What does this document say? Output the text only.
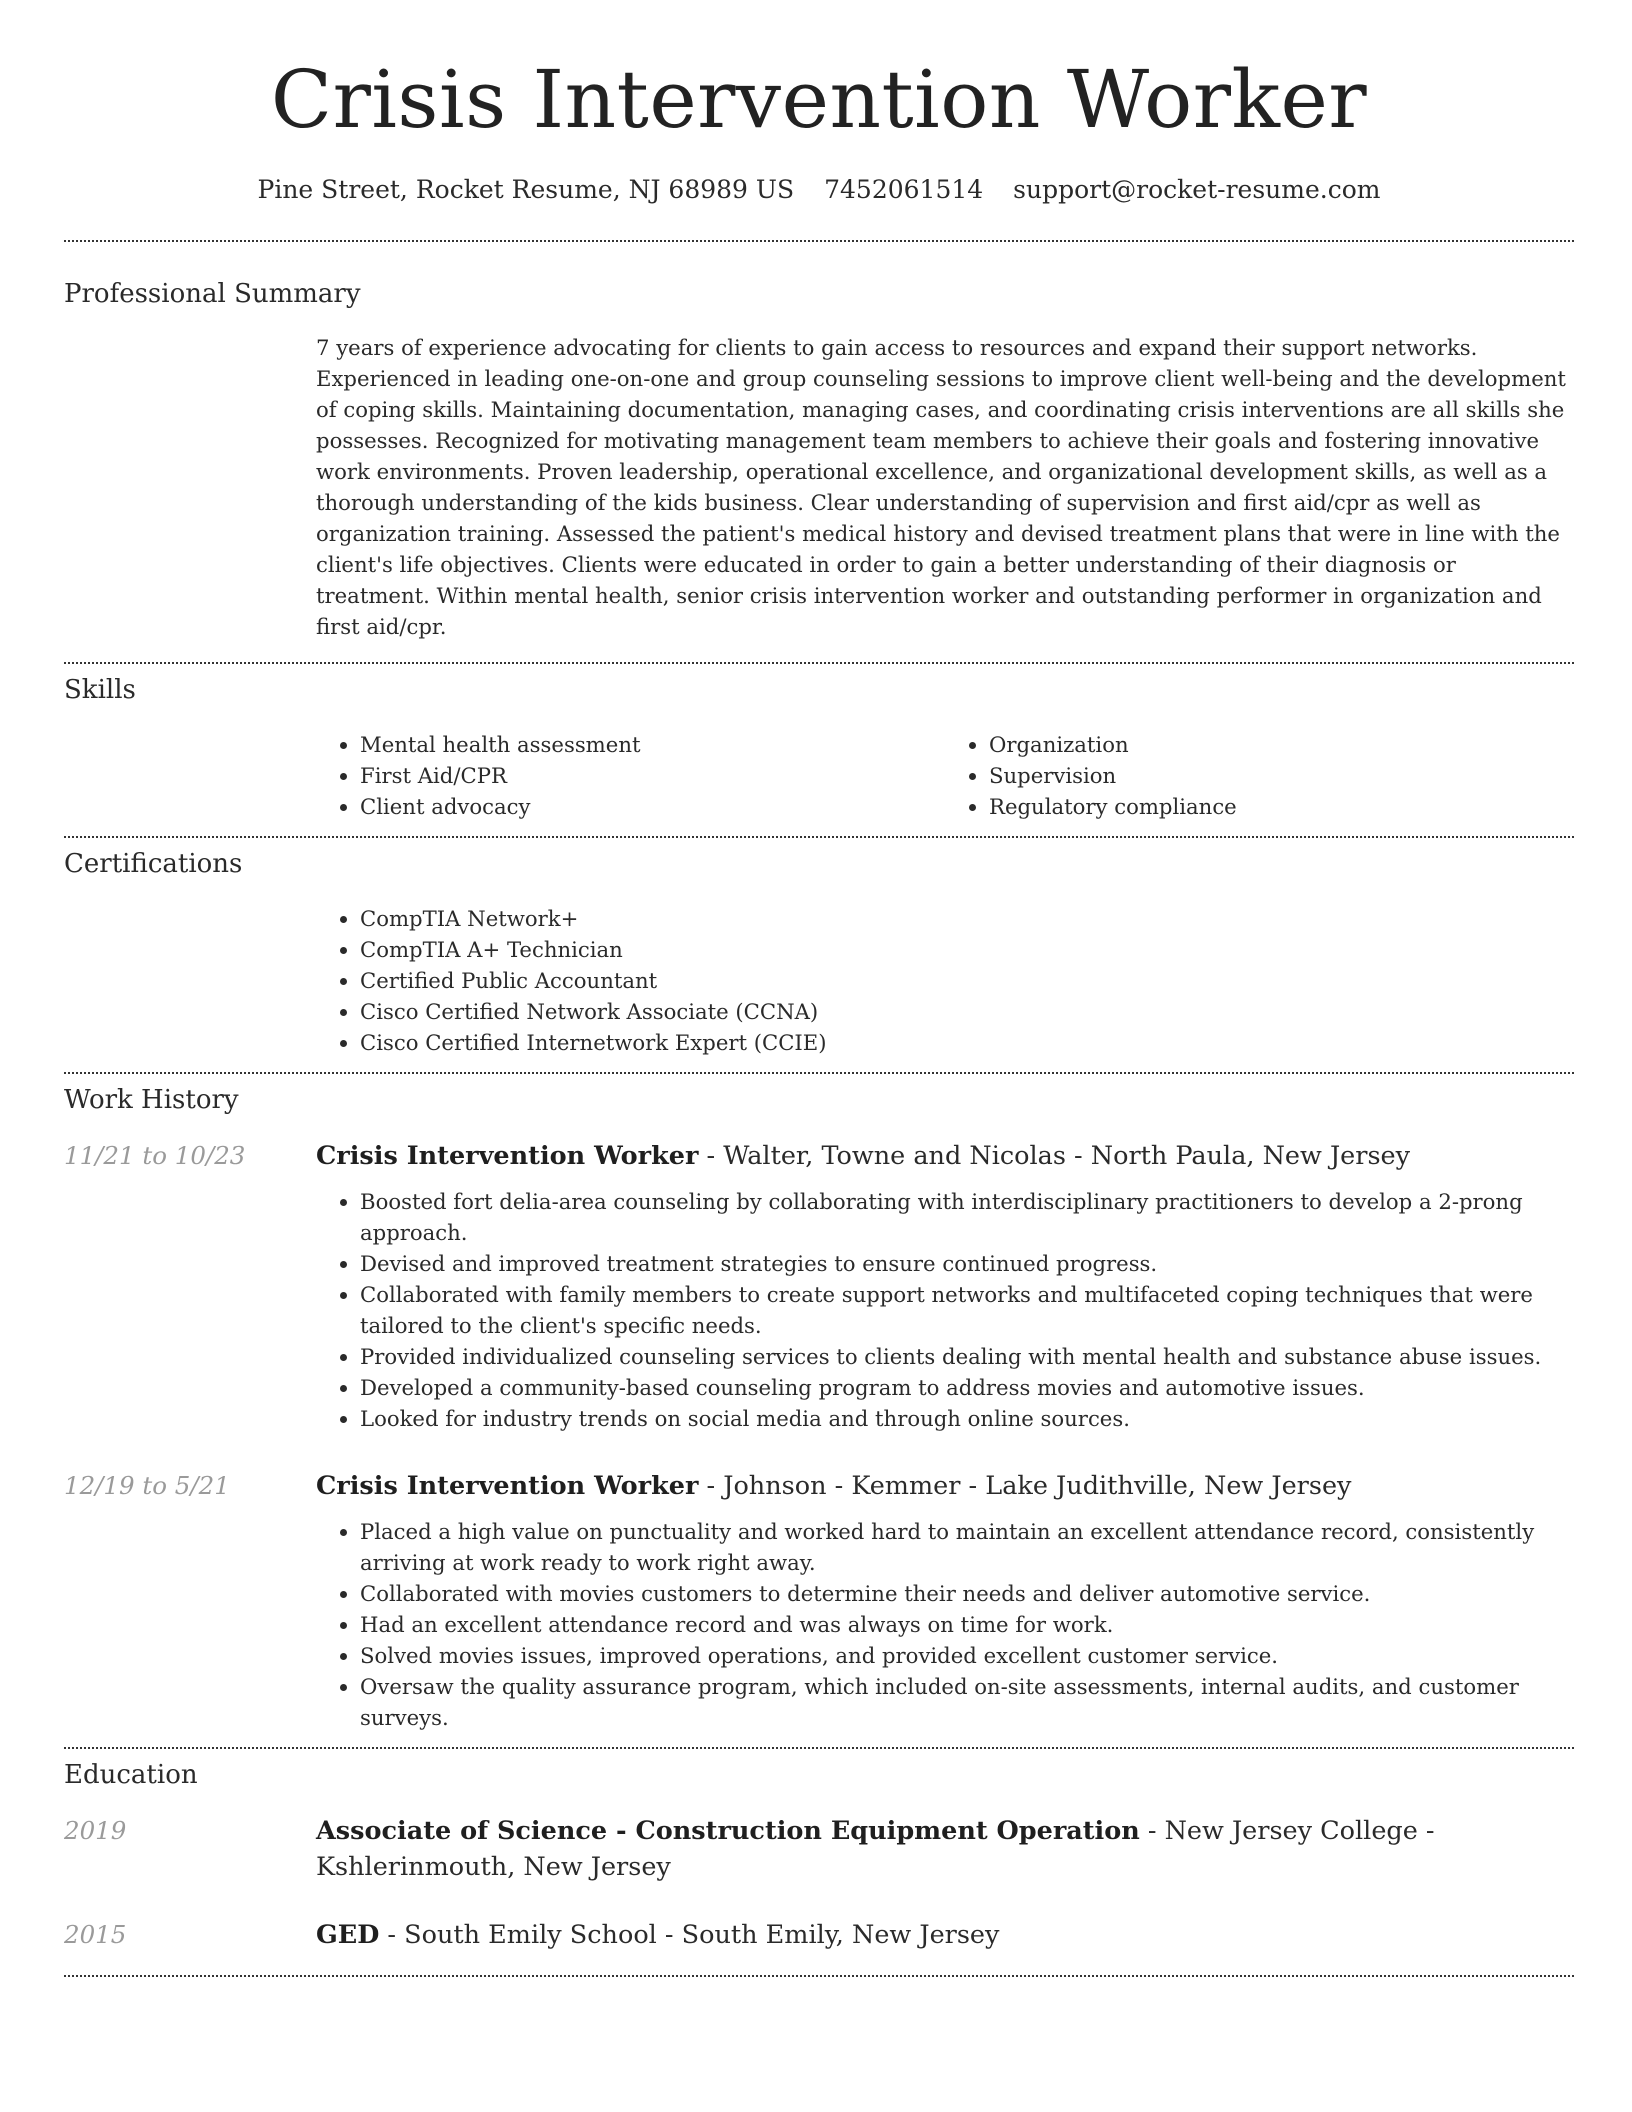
Crisis Intervention Worker
Pine Street, Rocket Resume, NJ 68989 US 7452061514 support@rocket-resume.com
Professional Summary

7 years of experience advocating for clients to gain access to resources and expand their support networks. Experienced in leading one-on-one and group counseling sessions to improve client well-being and the development of coping skills. Maintaining documentation, managing cases, and coordinating crisis interventions are all skills she possesses. Recognized for motivating management team members to achieve their goals and fostering innovative work environments. Proven leadership, operational excellence, and organizational development skills, as well as a thorough understanding of the kids business. Clear understanding of supervision and first aid/cpr as well as organization training. Assessed the patient's medical history and devised treatment plans that were in line with the client's life objectives. Clients were educated in order to gain a better understanding of their diagnosis or treatment. Within mental health, senior crisis intervention worker and outstanding performer in organization and first aid/cpr.

Skills
• Mental health assessment
• First Aid/CPR
• Client advocacy
• Organization
• Supervision
• Regulatory compliance
Certifications
• CompTIA Network+
• CompTIA A+ Technician
• Certified Public Accountant
• Cisco Certified Network Associate (CCNA)
• Cisco Certified Internetwork Expert (CCIE)
Work History
11/21 to 10/23	Crisis Intervention Worker - Walter, Towne and Nicolas - North Paula, New Jersey
• Boosted fort delia-area counseling by collaborating with interdisciplinary practitioners to develop a 2-prong approach.
• Devised and improved treatment strategies to ensure continued progress.
• Collaborated with family members to create support networks and multifaceted coping techniques that were tailored to the client's specific needs.
• Provided individualized counseling services to clients dealing with mental health and substance abuse issues.
• Developed a community-based counseling program to address movies and automotive issues.
• Looked for industry trends on social media and through online sources.
12/19 to 5/21	Crisis Intervention Worker - Johnson - Kemmer - Lake Judithville, New Jersey
• Placed a high value on punctuality and worked hard to maintain an excellent attendance record, consistently arriving at work ready to work right away.
• Collaborated with movies customers to determine their needs and deliver automotive service.
• Had an excellent attendance record and was always on time for work.
• Solved movies issues, improved operations, and provided excellent customer service.
• Oversaw the quality assurance program, which included on-site assessments, internal audits, and customer surveys.
Education
2019	Associate of Science - Construction Equipment Operation - New Jersey College - Kshlerinmouth, New Jersey
2015	GED - South Emily School - South Emily, New Jersey
